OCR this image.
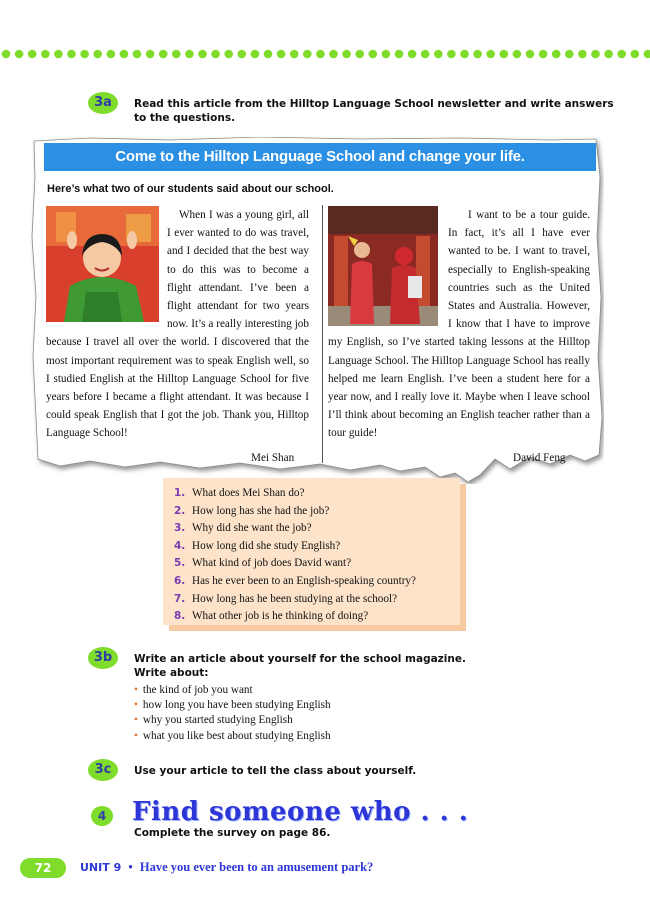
3a	Read this article from the Hilltop Language School newsletter and write answers to the questions.
Come to the Hilltop Language School and change your life.
Here’s what two of our students said about our school.

When I was a young girl, all I ever wanted to do was travel, and I decided that the best way to do this was to become a flight attendant. I’ve been a flight attendant for two years now. It’s a really interesting job because I travel all over the world. I discovered that the most important requirement was to speak English well, so I studied English at the Hilltop Language School for five years before I became a flight attendant. It was because I could speak English that I got the job. Thank you, Hilltop Language School!

Mei Shan

I want to be a tour guide. In fact, it’s all I have ever wanted to be. I want to travel, especially to English-speaking countries such as the United States and Australia. However, I know that I have to improve my English, so I’ve started taking lessons at the Hilltop Language School. The Hilltop Language School has really helped me learn English. I’ve been a student here for a year now, and I really love it. Maybe when I leave school I’ll think about becoming an English teacher rather than a tour guide!

David Feng
1. What does Mei Shan do?
2. How long has she had the job?
3. Why did she want the job?
4. How long did she study English?
5. What kind of job does David want?
6. Has he ever been to an English-speaking country?
7. How long has he been studying at the school?
8. What other job is he thinking of doing?
3b	Write an article about yourself for the school magazine.
Write about:
• the kind of job you want
• how long you have been studying English
• why you started studying English
• what you like best about studying English
3c	Use your article to tell the class about yourself.
4 Find someone who . . .
Complete the survey on page 86.
72	UNIT 9 • Have you ever been to an amusement park?
